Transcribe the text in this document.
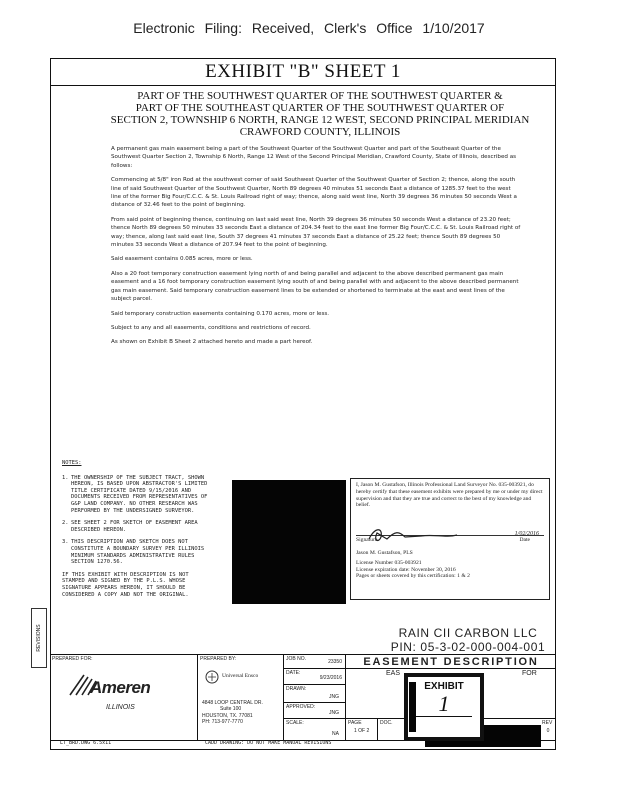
Electronic Filing: Received, Clerk's Office 1/10/2017
EXHIBIT "B" SHEET 1
PART OF THE SOUTHWEST QUARTER OF THE SOUTHWEST QUARTER &
PART OF THE SOUTHEAST QUARTER OF THE SOUTHWEST QUARTER OF
SECTION 2, TOWNSHIP 6 NORTH, RANGE 12 WEST, SECOND PRINCIPAL MERIDIAN
CRAWFORD COUNTY, ILLINOIS

A permanent gas main easement being a part of the Southwest Quarter of the Southwest Quarter and part of the Southeast Quarter of the Southwest Quarter Section 2, Township 6 North, Range 12 West of the Second Principal Meridian, Crawford County, State of Illinois, described as follows:

Commencing at 5/8" iron Rod at the southwest corner of said Southwest Quarter of the Southwest Quarter of Section 2; thence, along the south line of said Southwest Quarter of the Southwest Quarter, North 89 degrees 40 minutes 51 seconds East a distance of 1285.37 feet to the west line of the former Big Four/C.C.C. & St. Louis Railroad right of way; thence, along said west line, North 39 degrees 36 minutes 50 seconds West a distance of 32.46 feet to the point of beginning.

From said point of beginning thence, continuing on last said west line, North 39 degrees 36 minutes 50 seconds West a distance of 23.20 feet; thence North 89 degrees 50 minutes 33 seconds East a distance of 204.34 feet to the east line former Big Four/C.C.C. & St. Louis Railroad right of way; thence, along last said east line, South 37 degrees 41 minutes 37 seconds East a distance of 25.22 feet; thence South 89 degrees 50 minutes 33 seconds West a distance of 207.94 feet to the point of beginning.

Said easement contains 0.085 acres, more or less.

Also a 20 foot temporary construction easement lying north of and being parallel and adjacent to the above described permanent gas main easement and a 16 foot temporary construction easement lying south of and being parallel with and adjacent to the above described permanent gas main easement. Said temporary construction easement lines to be extended or shortened to terminate at the east and west lines of the subject parcel.

Said temporary construction easements containing 0.170 acres, more or less.

Subject to any and all easements, conditions and restrictions of record.

As shown on Exhibit B Sheet 2 attached hereto and made a part hereof.

NOTES:
1. THE OWNERSHIP OF THE SUBJECT TRACT, SHOWN HEREON, IS BASED UPON ABSTRACTOR'S LIMITED TITLE CERTIFICATE DATED 9/15/2016 AND DOCUMENTS RECEIVED FROM REPRESENTATIVES OF G&P LAND COMPANY. NO OTHER RESEARCH WAS PERFORMED BY THE UNDERSIGNED SURVEYOR.
2. SEE SHEET 2 FOR SKETCH OF EASEMENT AREA DESCRIBED HEREON.
3. THIS DESCRIPTION AND SKETCH DOES NOT CONSTITUTE A BOUNDARY SURVEY PER ILLINOIS MINIMUM STANDARDS ADMINISTRATIVE RULES SECTION 1270.56.
IF THIS EXHIBIT WITH DESCRIPTION IS NOT STAMPED AND SIGNED BY THE P.L.S. WHOSE SIGNATURE APPEARS HEREON, IT SHOULD BE CONSIDERED A COPY AND NOT THE ORIGINAL.

I, Jason M. Gustafson, Illinois Professional Land Surveyor No. 035-003921, do hereby certify that these easement exhibits were prepared by me or under my direct supervision and that they are true and correct to the best of my knowledge and belief.

1/02/2016
Signature	Date

Jason M. Gustafson, PLS

License Number 035-003921

License expiration date: November 30, 2016

Pages or sheets covered by this certification: 1 & 2

RAIN CII CARBON LLC
PIN: 05-3-02-000-004-001
REVISIONS
PREPARED FOR:
Ameren
ILLINOIS
PREPARED BY:
Universal Ensco
4848 LOOP CENTRAL DR.
Suite 100
HOUSTON, TX. 77081
PH: 713-977-7770
JOB NO.	23350
DATE:
9/23/2016
DRAWN:
JNG
APPROVED:
JNG
SCALE:
NA
EASEMENT DESCRIPTION
EAS	FOR
PAGE
1 OF 2
DOC.	REV
0
EXHIBIT
1
LT_BRD.DWG 6.5x11	CADD DRAWING: DO NOT MAKE MANUAL REVISIONS
